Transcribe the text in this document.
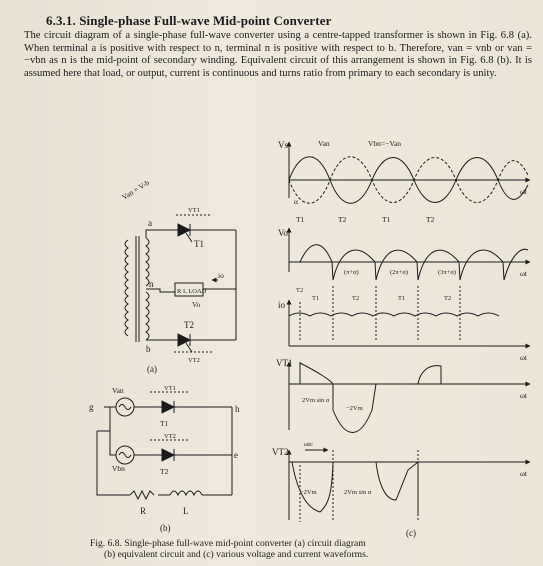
6.3.1. Single-phase Full-wave Mid-point Converter
The circuit diagram of a single-phase full-wave converter using a centre-tapped transformer is shown in Fig. 6.8 (a). When terminal a is positive with respect to n, terminal n is positive with respect to b. Therefore, van = vnb or van = −vbn as n is the mid-point of secondary winding. Equivalent circuit of this arrangement is shown in Fig. 6.8 (b). It is assumed here that load, or output, current is continuous and turns ratio from primary to each secondary is unity.
Van = V-b
a
n
b
T1
T2
VT1
VT2
R L LOAD
io
Vo
(a)
Van
Vbn
g	h
e
T1
T2
VT1
VT2
R	L
(b)
Vs	Van	Vbn=−Van
ωt
α
T1	T2	T1	T2
Vo
(π+α)	(2π+α)	(3π+α)	ωt
io
T2
T1	T2	T1	T2
ωt
VT1
2Vm sin α
−2Vm
ωt
VT2
ωtc
−2Vm	2Vm sin α
ωt
(c)
Fig. 6.8. Single-phase full-wave mid-point converter (a) circuit diagram
(b) equivalent circuit and (c) various voltage and current waveforms.
